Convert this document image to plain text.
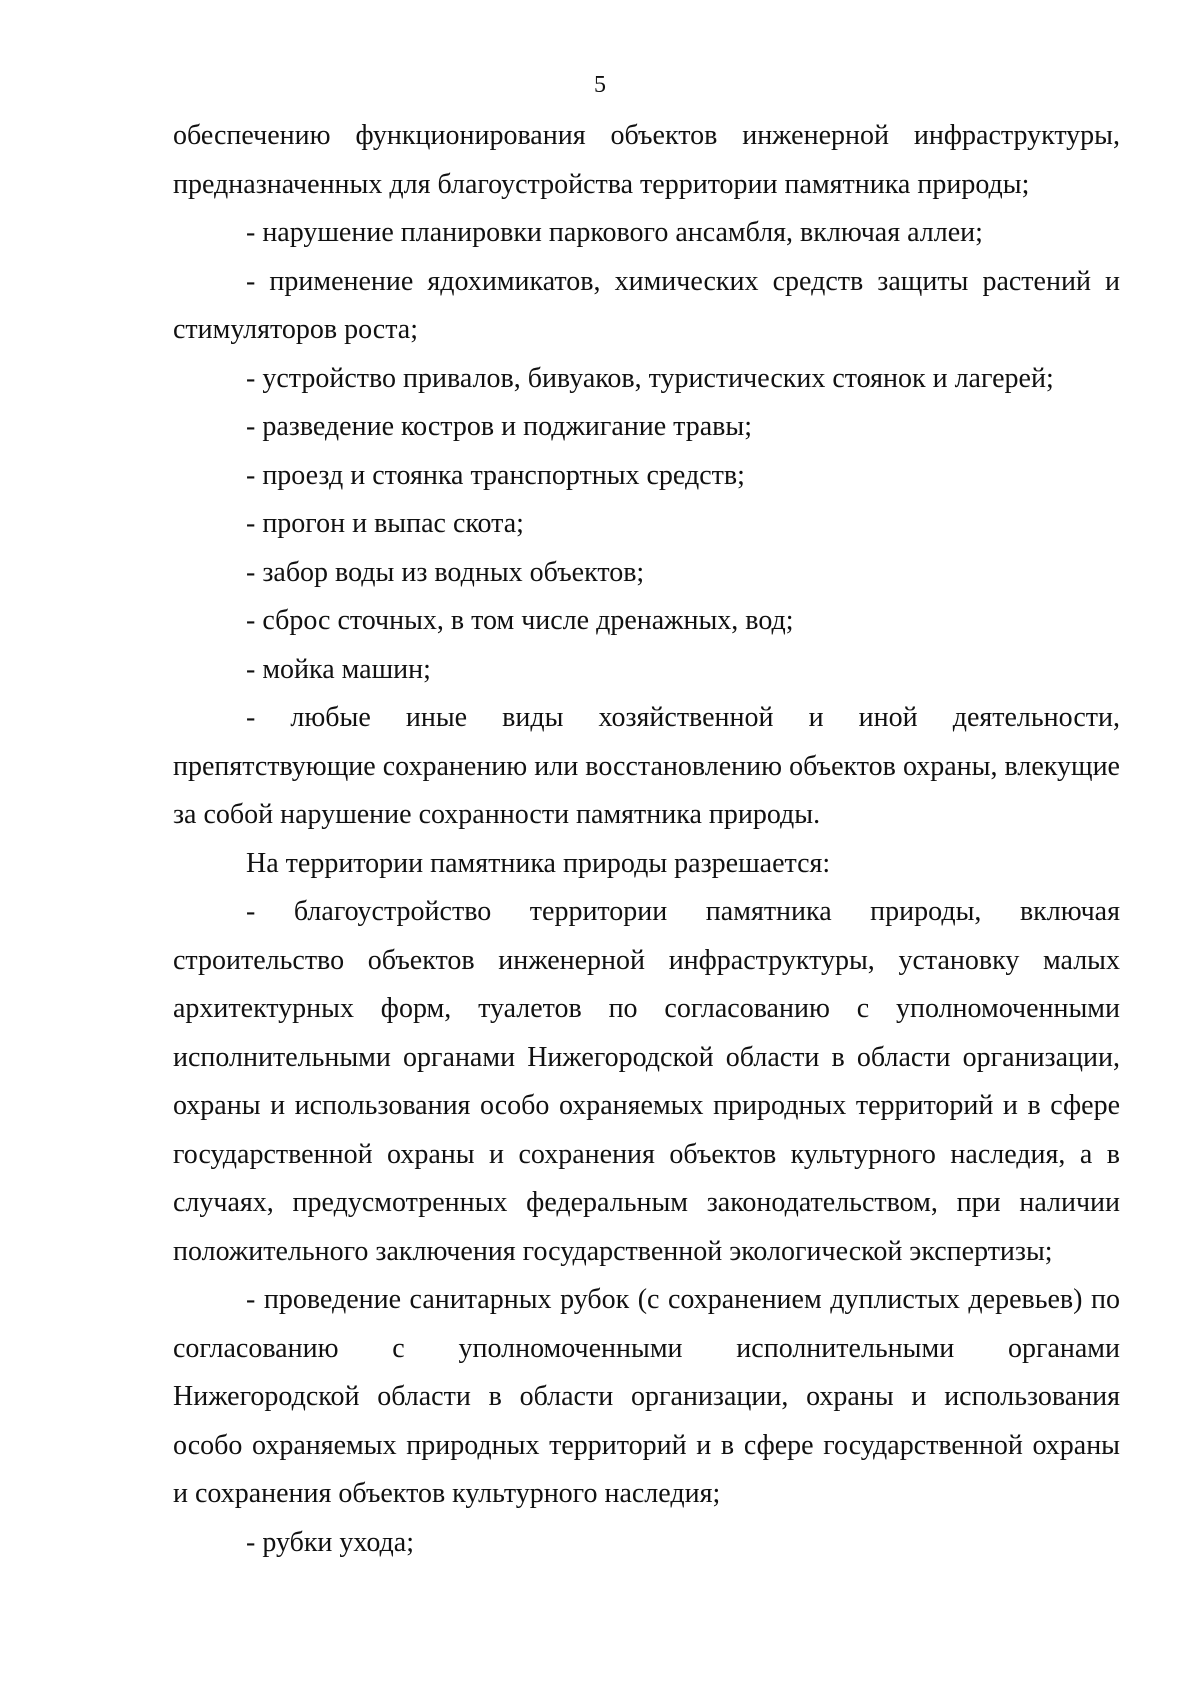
5

обеспечению функционирования объектов инженерной инфраструктуры, предназначенных для благоустройства территории памятника природы;

- нарушение планировки паркового ансамбля, включая аллеи;

- применение ядохимикатов, химических средств защиты растений и стимуляторов роста;

- устройство привалов, бивуаков, туристических стоянок и лагерей;

- разведение костров и поджигание травы;

- проезд и стоянка транспортных средств;

- прогон и выпас скота;

- забор воды из водных объектов;

- сброс сточных, в том числе дренажных, вод;

- мойка машин;

- любые иные виды хозяйственной и иной деятельности, препятствующие сохранению или восстановлению объектов охраны, влекущие за собой нарушение сохранности памятника природы.

На территории памятника природы разрешается:

- благоустройство территории памятника природы, включая строительство объектов инженерной инфраструктуры, установку малых архитектурных форм, туалетов по согласованию с уполномоченными исполнительными органами Нижегородской области в области организации, охраны и использования особо охраняемых природных территорий и в сфере государственной охраны и сохранения объектов культурного наследия, а в случаях, предусмотренных федеральным законодательством, при наличии положительного заключения государственной экологической экспертизы;

- проведение санитарных рубок (с сохранением дуплистых деревьев) по согласованию с уполномоченными исполнительными органами Нижегородской области в области организации, охраны и использования особо охраняемых природных территорий и в сфере государственной охраны и сохранения объектов культурного наследия;

- рубки ухода;
